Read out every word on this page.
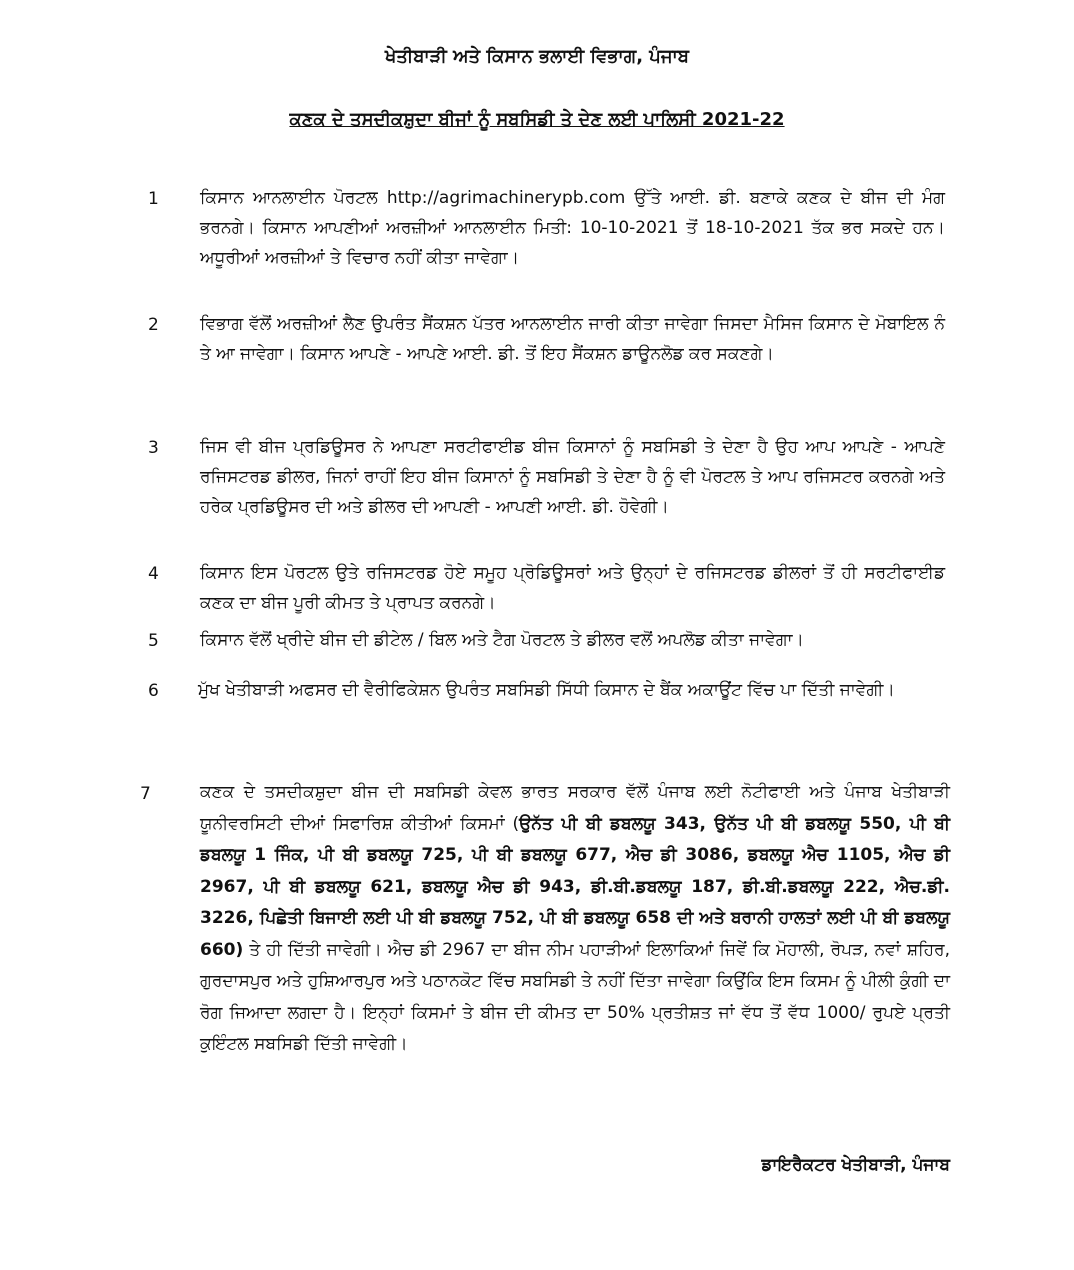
ਖੇਤੀਬਾੜੀ ਅਤੇ ਕਿਸਾਨ ਭਲਾਈ ਵਿਭਾਗ, ਪੰਜਾਬ
ਕਣਕ ਦੇ ਤਸਦੀਕਸ਼ੁਦਾ ਬੀਜਾਂ ਨੂੰ ਸਬਸਿਡੀ ਤੇ ਦੇਣ ਲਈ ਪਾਲਿਸੀ 2021-22
1 ਕਿਸਾਨ ਆਨਲਾਈਨ ਪੋਰਟਲ http://agrimachinerypb.com ਉੱਤੇ ਆਈ. ਡੀ. ਬਣਾਕੇ ਕਣਕ ਦੇ ਬੀਜ ਦੀ ਮੰਗ ਭਰਨਗੇ। ਕਿਸਾਨ ਆਪਣੀਆਂ ਅਰਜ਼ੀਆਂ ਆਨਲਾਈਨ ਮਿਤੀ: 10-10-2021 ਤੋਂ 18-10-2021 ਤੱਕ ਭਰ ਸਕਦੇ ਹਨ। ਅਧੂਰੀਆਂ ਅਰਜ਼ੀਆਂ ਤੇ ਵਿਚਾਰ ਨਹੀਂ ਕੀਤਾ ਜਾਵੇਗਾ।
2 ਵਿਭਾਗ ਵੱਲੋਂ ਅਰਜ਼ੀਆਂ ਲੈਣ ਉਪਰੰਤ ਸੈਂਕਸ਼ਨ ਪੱਤਰ ਆਨਲਾਈਨ ਜਾਰੀ ਕੀਤਾ ਜਾਵੇਗਾ ਜਿਸਦਾ ਮੈਸਿਜ ਕਿਸਾਨ ਦੇ ਮੋਬਾਇਲ ਨੰ ਤੇ ਆ ਜਾਵੇਗਾ। ਕਿਸਾਨ ਆਪਣੇ - ਆਪਣੇ ਆਈ. ਡੀ. ਤੋਂ ਇਹ ਸੈਂਕਸ਼ਨ ਡਾਊਨਲੋਡ ਕਰ ਸਕਣਗੇ।
3 ਜਿਸ ਵੀ ਬੀਜ ਪ੍ਰਡਿਊਸਰ ਨੇ ਆਪਣਾ ਸਰਟੀਫਾਈਡ ਬੀਜ ਕਿਸਾਨਾਂ ਨੂੰ ਸਬਸਿਡੀ ਤੇ ਦੇਣਾ ਹੈ ਉਹ ਆਪ ਆਪਣੇ - ਆਪਣੇ ਰਜਿਸਟਰਡ ਡੀਲਰ, ਜਿਨਾਂ ਰਾਹੀਂ ਇਹ ਬੀਜ ਕਿਸਾਨਾਂ ਨੂੰ ਸਬਸਿਡੀ ਤੇ ਦੇਣਾ ਹੈ ਨੂੰ ਵੀ ਪੋਰਟਲ ਤੇ ਆਪ ਰਜਿਸਟਰ ਕਰਨਗੇ ਅਤੇ ਹਰੇਕ ਪ੍ਰਡਿਊਸਰ ਦੀ ਅਤੇ ਡੀਲਰ ਦੀ ਆਪਣੀ - ਆਪਣੀ ਆਈ. ਡੀ. ਹੋਵੇਗੀ।
4 ਕਿਸਾਨ ਇਸ ਪੋਰਟਲ ਉਤੇ ਰਜਿਸਟਰਡ ਹੋਏ ਸਮੂਹ ਪ੍ਰੋਡਿਊਸਰਾਂ ਅਤੇ ਉਨ੍ਹਾਂ ਦੇ ਰਜਿਸਟਰਡ ਡੀਲਰਾਂ ਤੋਂ ਹੀ ਸਰਟੀਫਾਈਡ ਕਣਕ ਦਾ ਬੀਜ ਪੂਰੀ ਕੀਮਤ ਤੇ ਪ੍ਰਾਪਤ ਕਰਨਗੇ।
5 ਕਿਸਾਨ ਵੱਲੋਂ ਖ੍ਰੀਦੇ ਬੀਜ ਦੀ ਡੀਟੇਲ / ਬਿਲ ਅਤੇ ਟੈਗ ਪੋਰਟਲ ਤੇ ਡੀਲਰ ਵਲੋਂ ਅਪਲੋਡ ਕੀਤਾ ਜਾਵੇਗਾ।
6	ਮੁੱਖ ਖੇਤੀਬਾੜੀ ਅਫਸਰ ਦੀ ਵੈਰੀਫਿਕੇਸ਼ਨ ਉਪਰੰਤ ਸਬਸਿਡੀ ਸਿੱਧੀ ਕਿਸਾਨ ਦੇ ਬੈਂਕ ਅਕਾਊਂਟ ਵਿੱਚ ਪਾ ਦਿੱਤੀ ਜਾਵੇਗੀ।
7	ਕਣਕ ਦੇ ਤਸਦੀਕਸ਼ੁਦਾ ਬੀਜ ਦੀ ਸਬਸਿਡੀ ਕੇਵਲ ਭਾਰਤ ਸਰਕਾਰ ਵੱਲੋਂ ਪੰਜਾਬ ਲਈ ਨੋਟੀਫਾਈ ਅਤੇ ਪੰਜਾਬ ਖੇਤੀਬਾੜੀ ਯੂਨੀਵਰਸਿਟੀ ਦੀਆਂ ਸਿਫਾਰਿਸ਼ ਕੀਤੀਆਂ ਕਿਸਮਾਂ (ਉਨੱਤ ਪੀ ਬੀ ਡਬਲਯੂ 343, ਉਨੱਤ ਪੀ ਬੀ ਡਬਲਯੂ 550, ਪੀ ਬੀ ਡਬਲਯੂ 1 ਜਿੰਕ, ਪੀ ਬੀ ਡਬਲਯੂ 725, ਪੀ ਬੀ ਡਬਲਯੂ 677, ਐਚ ਡੀ 3086, ਡਬਲਯੂ ਐਚ 1105, ਐਚ ਡੀ 2967, ਪੀ ਬੀ ਡਬਲਯੂ 621, ਡਬਲਯੂ ਐਚ ਡੀ 943, ਡੀ.ਬੀ.ਡਬਲਯੂ 187, ਡੀ.ਬੀ.ਡਬਲਯੂ 222, ਐਚ.ਡੀ. 3226, ਪਿਛੇਤੀ ਬਿਜਾਈ ਲਈ ਪੀ ਬੀ ਡਬਲਯੂ 752, ਪੀ ਬੀ ਡਬਲਯੂ 658 ਦੀ ਅਤੇ ਬਰਾਨੀ ਹਾਲਤਾਂ ਲਈ ਪੀ ਬੀ ਡਬਲਯੂ 660) ਤੇ ਹੀ ਦਿੱਤੀ ਜਾਵੇਗੀ। ਐਚ ਡੀ 2967 ਦਾ ਬੀਜ ਨੀਮ ਪਹਾੜੀਆਂ ਇਲਾਕਿਆਂ ਜਿਵੇਂ ਕਿ ਮੋਹਾਲੀ, ਰੋਪੜ, ਨਵਾਂ ਸ਼ਹਿਰ, ਗੁਰਦਾਸਪੁਰ ਅਤੇ ਹੁਸ਼ਿਆਰਪੁਰ ਅਤੇ ਪਠਾਨਕੋਟ ਵਿੱਚ ਸਬਸਿਡੀ ਤੇ ਨਹੀਂ ਦਿੱਤਾ ਜਾਵੇਗਾ ਕਿਉਂਕਿ ਇਸ ਕਿਸਮ ਨੂੰ ਪੀਲੀ ਕੁੰਗੀ ਦਾ ਰੋਗ ਜਿਆਦਾ ਲਗਦਾ ਹੈ। ਇਨ੍ਹਾਂ ਕਿਸਮਾਂ ਤੇ ਬੀਜ ਦੀ ਕੀਮਤ ਦਾ 50% ਪ੍ਰਤੀਸ਼ਤ ਜਾਂ ਵੱਧ ਤੋਂ ਵੱਧ 1000/ ਰੁਪਏ ਪ੍ਰਤੀ ਕੁਇੰਟਲ ਸਬਸਿਡੀ ਦਿੱਤੀ ਜਾਵੇਗੀ।
ਡਾਇਰੈਕਟਰ ਖੇਤੀਬਾੜੀ, ਪੰਜਾਬ
